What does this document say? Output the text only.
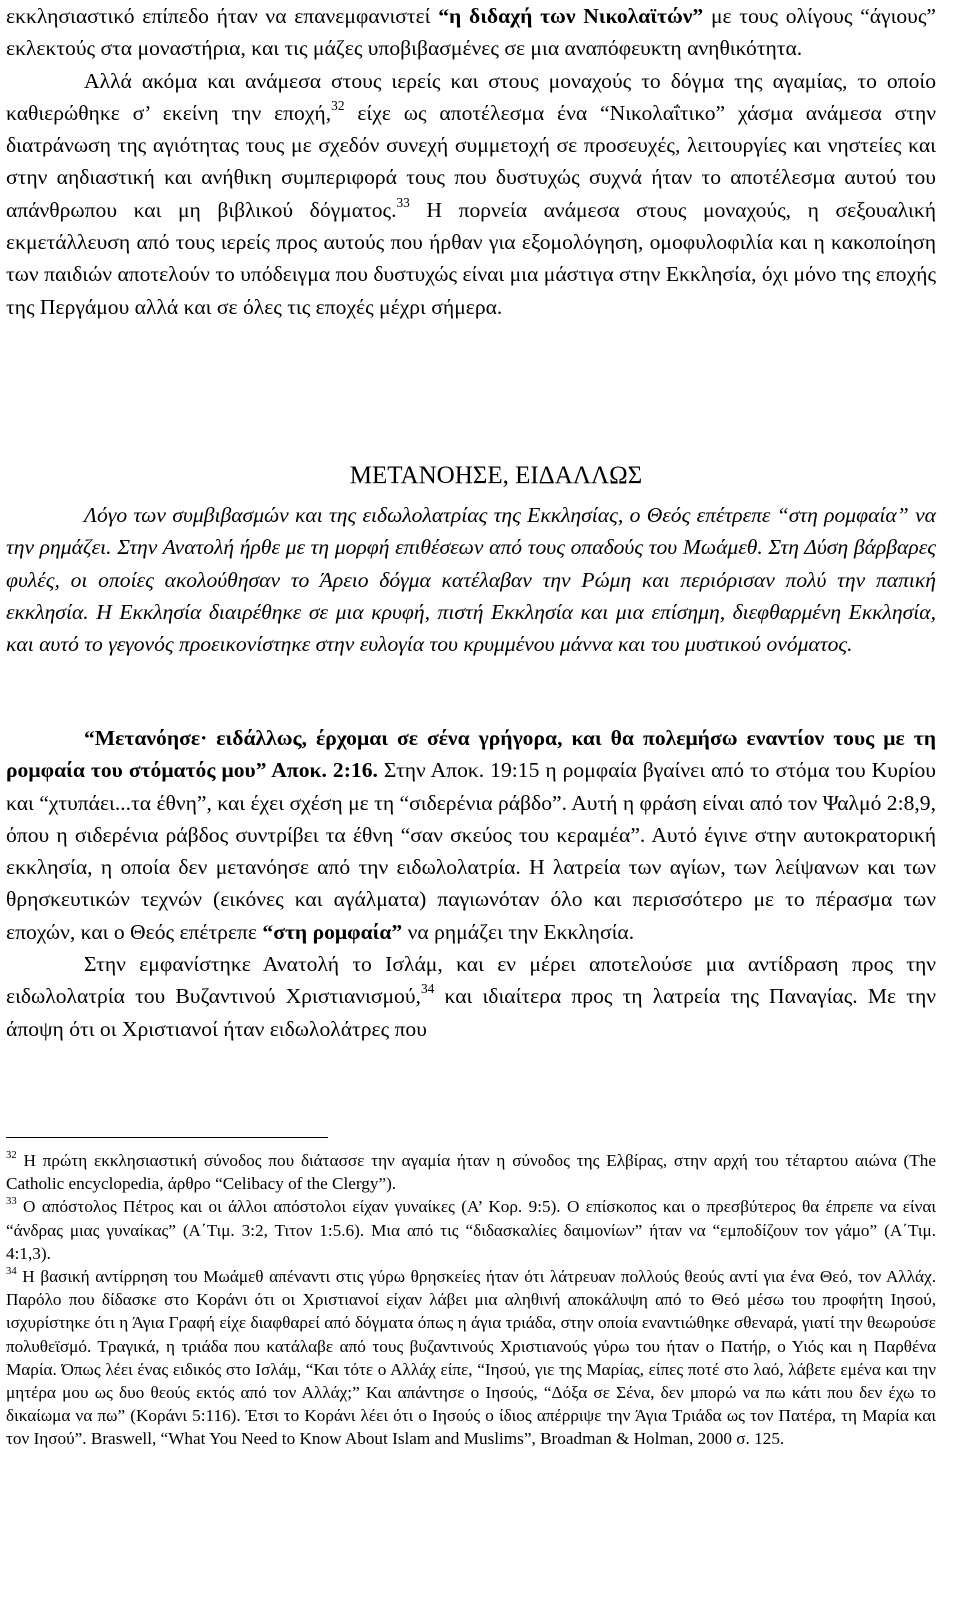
εκκλησιαστικό επίπεδο ήταν να επανεμφανιστεί “η διδαχή των Νικολαϊτών” με τους ολίγους “άγιους” εκλεκτούς στα μοναστήρια, και τις μάζες υποβιβασμένες σε μια αναπόφευκτη ανηθικότητα.

Αλλά ακόμα και ανάμεσα στους ιερείς και στους μοναχούς το δόγμα της αγαμίας, το οποίο καθιερώθηκε σ’ εκείνη την εποχή,$^{32}$ είχε ως αποτέλεσμα ένα “Νικολαΐτικο” χάσμα ανάμεσα στην διατράνωση της αγιότητας τους με σχεδόν συνεχή συμμετοχή σε προσευχές, λειτουργίες και νηστείες και στην αηδιαστική και ανήθικη συμπεριφορά τους που δυστυχώς συχνά ήταν το αποτέλεσμα αυτού του απάνθρωπου και μη βιβλικού δόγματος.$^{33}$ Η πορνεία ανάμεσα στους μοναχούς, η σεξουαλική εκμετάλλευση από τους ιερείς προς αυτούς που ήρθαν για εξομολόγηση, ομοφυλοφιλία και η κακοποίηση των παιδιών αποτελούν το υπόδειγμα που δυστυχώς είναι μια μάστιγα στην Εκκλησία, όχι μόνο της εποχής της Περγάμου αλλά και σε όλες τις εποχές μέχρι σήμερα.

ΜΕΤΑΝΟΗΣΕ, ΕΙΔΑΛΛΩΣ

Λόγο των συμβιβασμών και της ειδωλολατρίας της Εκκλησίας, ο Θεός επέτρεπε “στη ρομφαία” να την ρημάζει. Στην Ανατολή ήρθε με τη μορφή επιθέσεων από τους οπαδούς του Μωάμεθ. Στη Δύση βάρβαρες φυλές, οι οποίες ακολούθησαν το Άρειο δόγμα κατέλαβαν την Ρώμη και περιόρισαν πολύ την παπική εκκλησία. Η Εκκλησία διαιρέθηκε σε μια κρυφή, πιστή Εκκλησία και μια επίσημη, διεφθαρμένη Εκκλησία, και αυτό το γεγονός προεικονίστηκε στην ευλογία του κρυμμένου μάννα και του μυστικού ονόματος.

“Μετανόησε· ειδάλλως, έρχομαι σε σένα γρήγορα, και θα πολεμήσω εναντίον τους με τη ρομφαία του στόματός μου” Αποκ. 2:16. Στην Αποκ. 19:15 η ρομφαία βγαίνει από το στόμα του Κυρίου και “χτυπάει...τα έθνη”, και έχει σχέση με τη “σιδερένια ράβδο”. Αυτή η φράση είναι από τον Ψαλμό 2:8,9, όπου η σιδερένια ράβδος συντρίβει τα έθνη “σαν σκεύος του κεραμέα”. Αυτό έγινε στην αυτοκρατορική εκκλησία, η οποία δεν μετανόησε από την ειδωλολατρία. Η λατρεία των αγίων, των λείψανων και των θρησκευτικών τεχνών (εικόνες και αγάλματα) παγιωνόταν όλο και περισσότερο με το πέρασμα των εποχών, και ο Θεός επέτρεπε “στη ρομφαία” να ρημάζει την Εκκλησία.

Στην εμφανίστηκε Ανατολή το Ισλάμ, και εν μέρει αποτελούσε μια αντίδραση προς την ειδωλολατρία του Βυζαντινού Χριστιανισμού,$^{34}$ και ιδιαίτερα προς τη λατρεία της Παναγίας. Με την άποψη ότι οι Χριστιανοί ήταν ειδωλολάτρες που

$^{32}$ Η πρώτη εκκλησιαστική σύνοδος που διάτασσε την αγαμία ήταν η σύνοδος της Ελβίρας, στην αρχή του τέταρτου αιώνα (The Catholic encyclopedia, άρθρο “Celibacy of the Clergy”).

$^{33}$ Ο απόστολος Πέτρος και οι άλλοι απόστολοι είχαν γυναίκες (Α’ Κορ. 9:5). Ο επίσκοπος και ο πρεσβύτερος θα έπρεπε να είναι “άνδρας μιας γυναίκας” (Α΄Τιμ. 3:2, Τιτον 1:5.6). Μια από τις “διδασκαλίες δαιμονίων” ήταν να “εμποδίζουν τον γάμο” (Α΄Τιμ. 4:1,3).

$^{34}$ Η βασική αντίρρηση του Μωάμεθ απέναντι στις γύρω θρησκείες ήταν ότι λάτρευαν πολλούς θεούς αντί για ένα Θεό, τον Αλλάχ. Παρόλο που δίδασκε στο Κοράνι ότι οι Χριστιανοί είχαν λάβει μια αληθινή αποκάλυψη από το Θεό μέσω του προφήτη Ιησού, ισχυρίστηκε ότι η Άγια Γραφή είχε διαφθαρεί από δόγματα όπως η άγια τριάδα, στην οποία εναντιώθηκε σθεναρά, γιατί την θεωρούσε πολυθεϊσμό. Τραγικά, η τριάδα που κατάλαβε από τους βυζαντινούς Χριστιανούς γύρω του ήταν ο Πατήρ, ο Υιός και η Παρθένα Μαρία. Όπως λέει ένας ειδικός στο Ισλάμ, “Και τότε ο Αλλάχ είπε, “Ιησού, γιε της Μαρίας, είπες ποτέ στο λαό, λάβετε εμένα και την μητέρα μου ως δυο θεούς εκτός από τον Αλλάχ;” Και απάντησε ο Ιησούς, “Δόξα σε Σένα, δεν μπορώ να πω κάτι που δεν έχω το δικαίωμα να πω” (Κοράνι 5:116). Έτσι το Κοράνι λέει ότι ο Ιησούς ο ίδιος απέρριψε την Άγια Τριάδα ως τον Πατέρα, τη Μαρία και τον Ιησού”. Braswell, “What You Need to Know About Islam and Muslims”, Broadman & Holman, 2000 σ. 125.
